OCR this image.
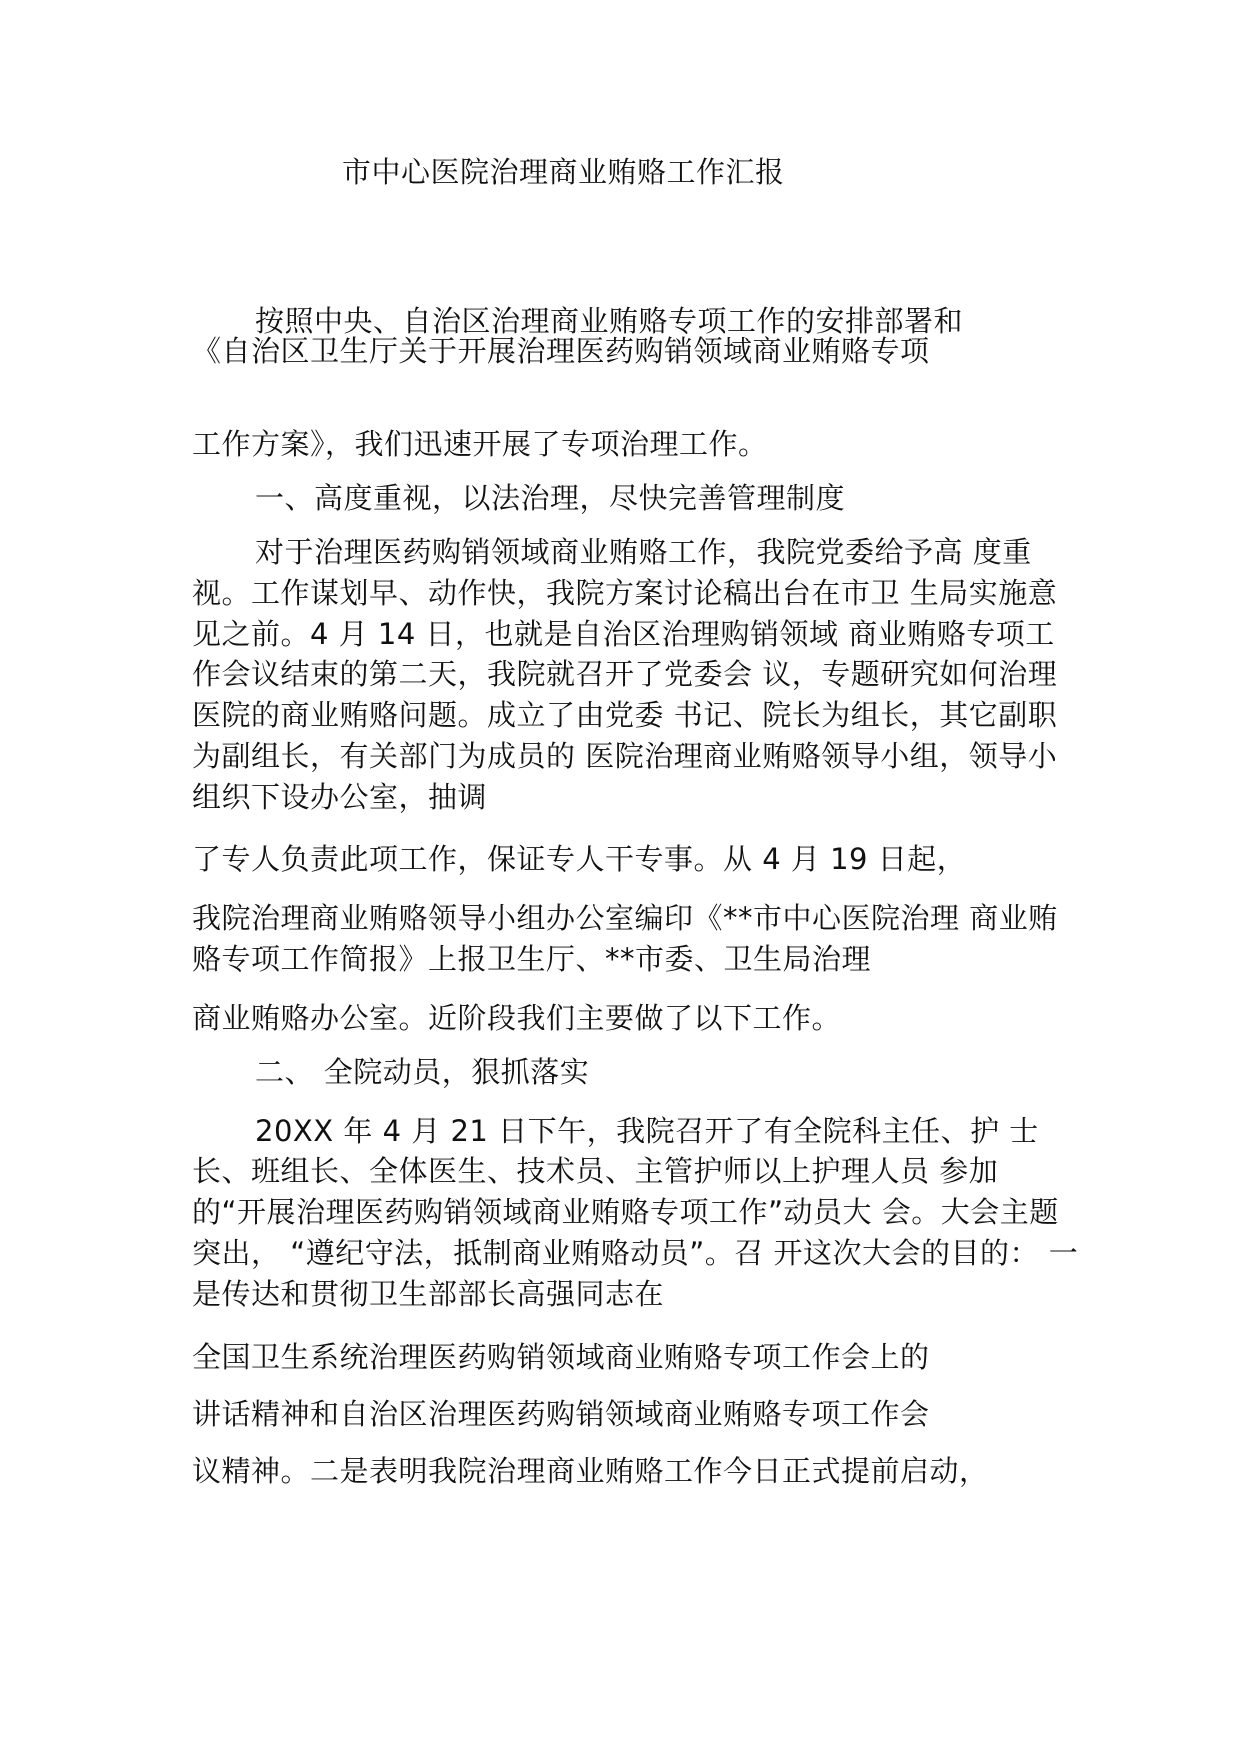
市中心医院治理商业贿赂工作汇报
按照中央、自治区治理商业贿赂专项工作的安排部署和
《自治区卫生厅关于开展治理医药购销领域商业贿赂专项
工作方案》，我们迅速开展了专项治理工作。
一、高度重视，以法治理，尽快完善管理制度
对于治理医药购销领域商业贿赂工作，我院党委给予高 度重
视。工作谋划早、动作快，我院方案讨论稿出台在市卫 生局实施意
见之前。4 月 14 日，也就是自治区治理购销领域 商业贿赂专项工
作会议结束的第二天，我院就召开了党委会 议，专题研究如何治理
医院的商业贿赂问题。成立了由党委 书记、院长为组长，其它副职
为副组长，有关部门为成员的 医院治理商业贿赂领导小组，领导小
组织下设办公室，抽调
了专人负责此项工作，保证专人干专事。从 4 月 19 日起，
我院治理商业贿赂领导小组办公室编印《**市中心医院治理 商业贿
赂专项工作简报》上报卫生厅、**市委、卫生局治理
商业贿赂办公室。近阶段我们主要做了以下工作。
二、 全院动员，狠抓落实
20XX 年 4 月 21 日下午，我院召开了有全院科主任、护 士
长、班组长、全体医生、技术员、主管护师以上护理人员 参加
的“开展治理医药购销领域商业贿赂专项工作”动员大 会。大会主题
突出， “遵纪守法，抵制商业贿赂动员”。召 开这次大会的目的： 一
是传达和贯彻卫生部部长高强同志在
全国卫生系统治理医药购销领域商业贿赂专项工作会上的
讲话精神和自治区治理医药购销领域商业贿赂专项工作会
议精神。二是表明我院治理商业贿赂工作今日正式提前启动，
